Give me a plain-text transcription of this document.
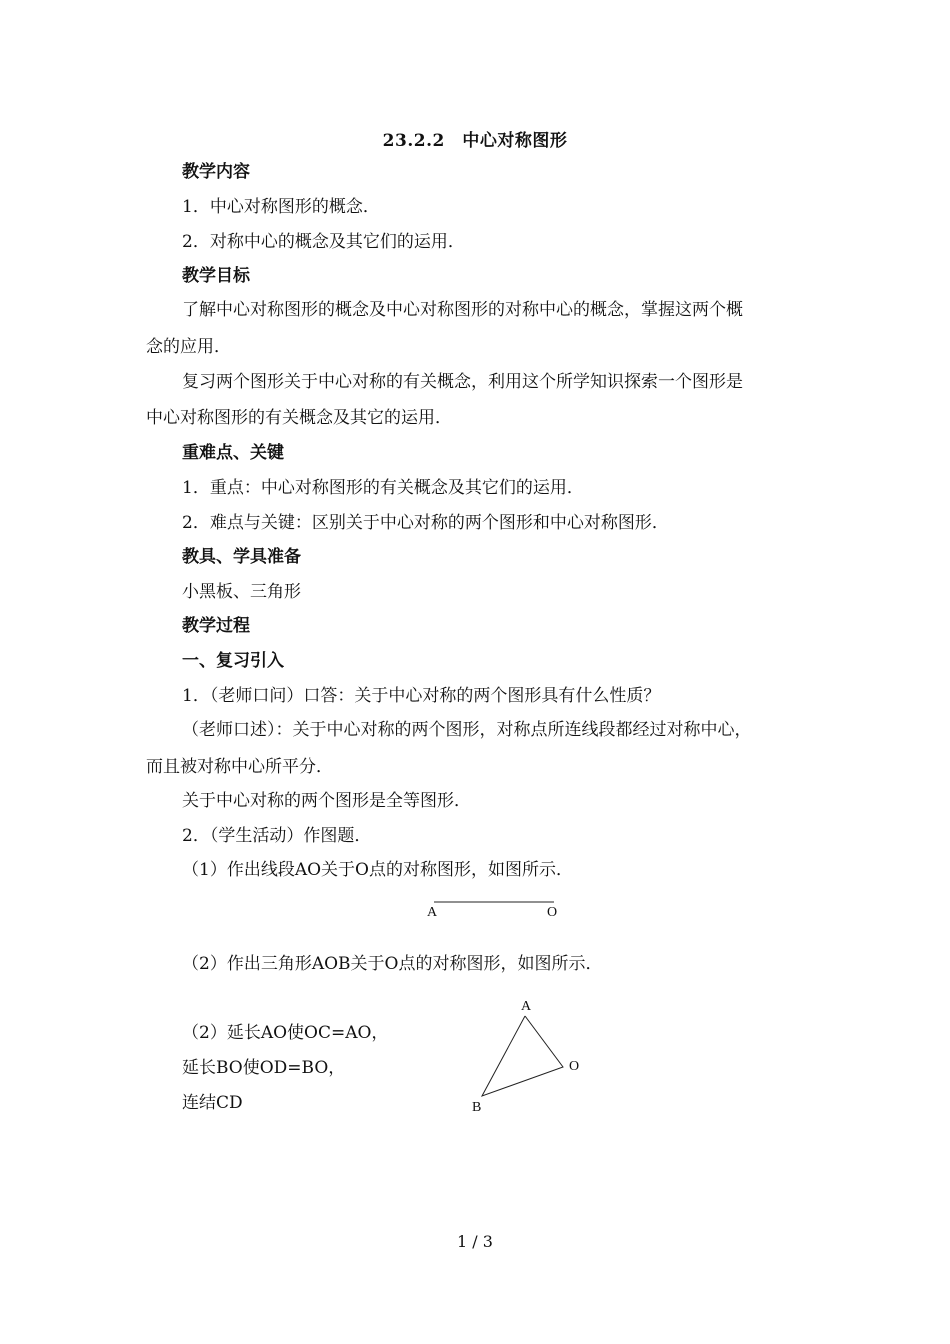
23.2.2　中心对称图形
教学内容
1．中心对称图形的概念．
2．对称中心的概念及其它们的运用．
教学目标
了解中心对称图形的概念及中心对称图形的对称中心的概念，掌握这两个概
念的应用．
复习两个图形关于中心对称的有关概念，利用这个所学知识探索一个图形是
中心对称图形的有关概念及其它的运用．
重难点、关键
1．重点：中心对称图形的有关概念及其它们的运用．
2．难点与关键：区别关于中心对称的两个图形和中心对称图形．
教具、学具准备
小黑板、三角形
教学过程
一、复习引入
1．（老师口问）口答：关于中心对称的两个图形具有什么性质？
（老师口述）：关于中心对称的两个图形，对称点所连线段都经过对称中心，
而且被对称中心所平分．
关于中心对称的两个图形是全等图形．
2．（学生活动）作图题．
（1）作出线段AO关于O点的对称图形，如图所示．
A	O
（2）作出三角形AOB关于O点的对称图形，如图所示．
（2）延长AO使OC=AO，
延长BO使OD=BO，
连结CD
A
O
B
1 / 3
